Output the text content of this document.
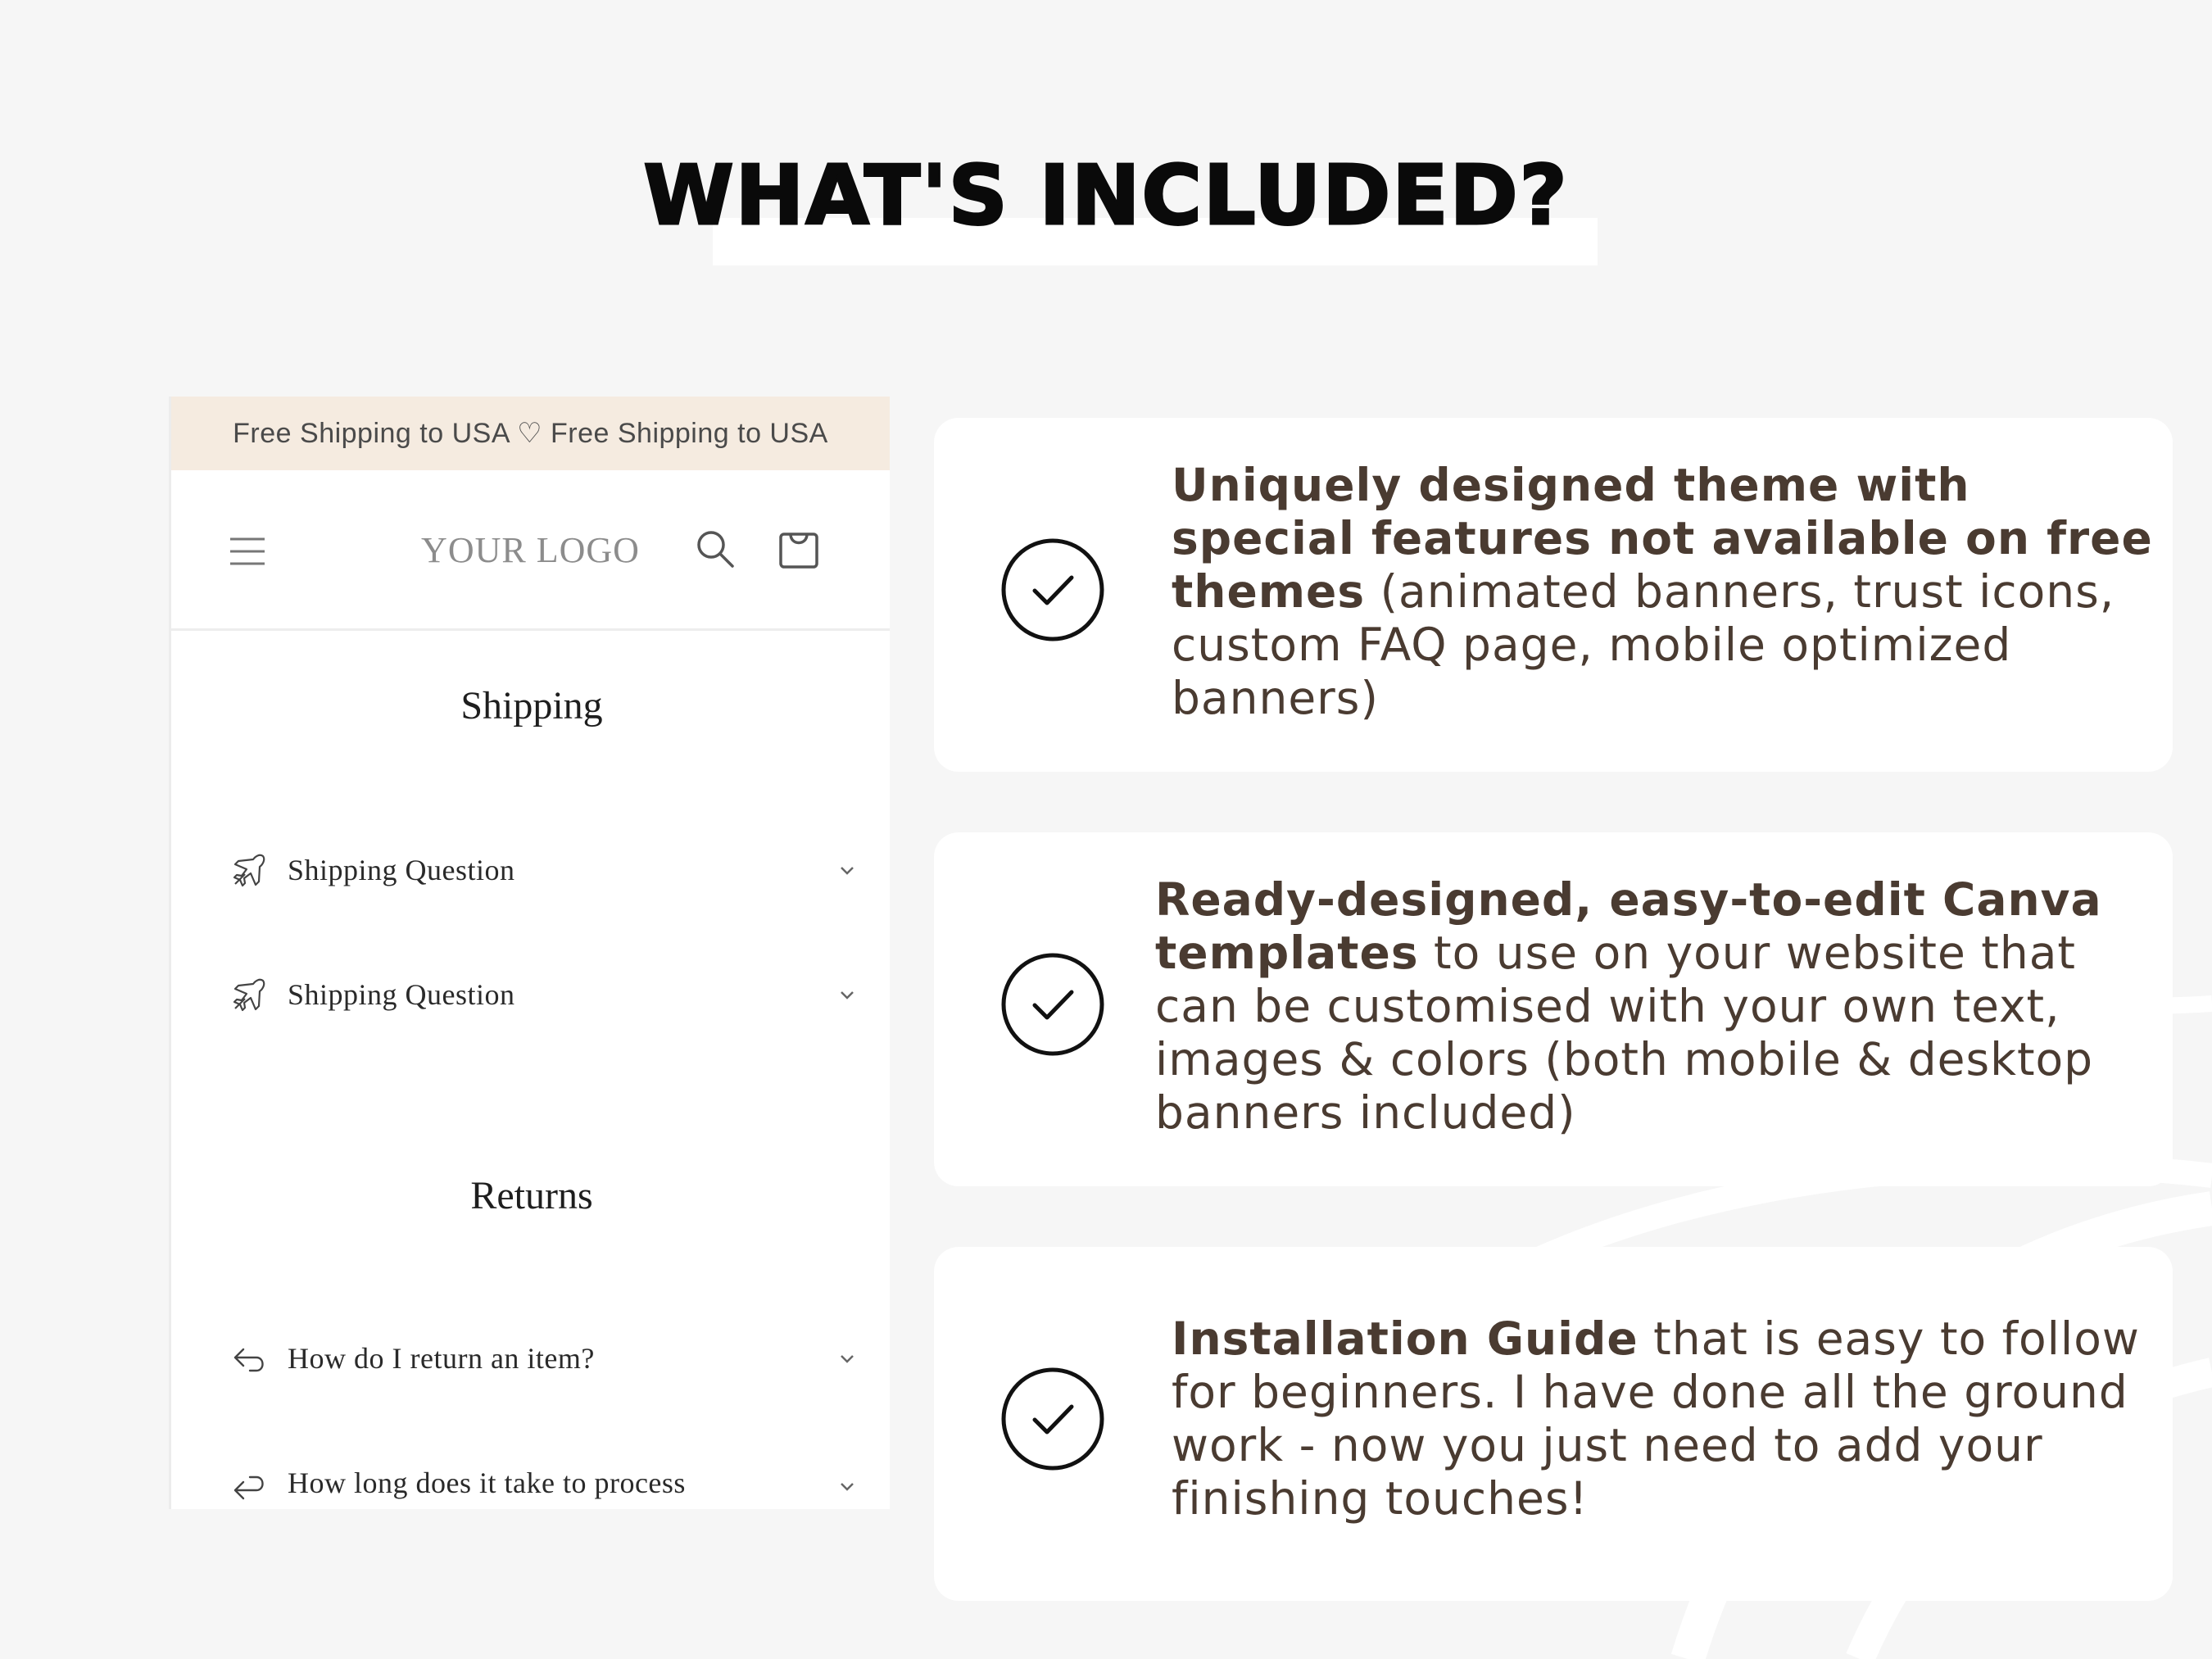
WHAT'S INCLUDED?
Free Shipping to USA ♡ Free Shipping to USA
YOUR LOGO
Shipping
Shipping Question
Shipping Question
Returns
How do I return an item?
How long does it take to process
Uniquely designed theme with special features not available on free themes (animated banners, trust icons, custom FAQ page, mobile optimized banners)
Ready-designed, easy-to-edit Canva templates to use on your website that can be customised with your own text, images & colors (both mobile & desktop banners included)
Installation Guide that is easy to follow for beginners. I have done all the ground work - now you just need to add your finishing touches!
